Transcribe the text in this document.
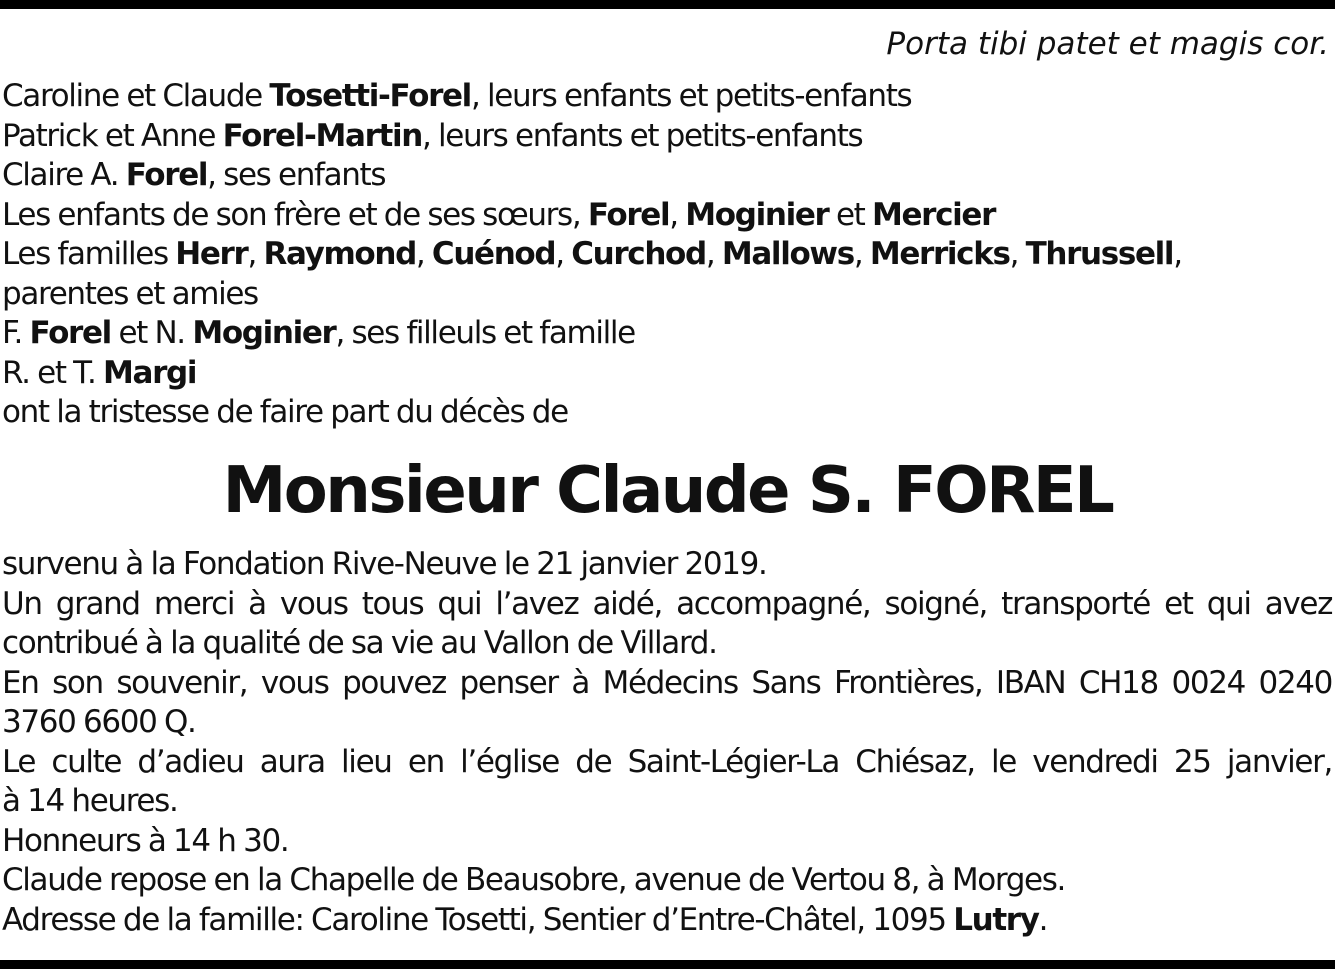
Porta tibi patet et magis cor.
Caroline et Claude Tosetti-Forel, leurs enfants et petits-enfants
Patrick et Anne Forel-Martin, leurs enfants et petits-enfants
Claire A. Forel, ses enfants
Les enfants de son frère et de ses sœurs, Forel, Moginier et Mercier
Les familles Herr, Raymond, Cuénod, Curchod, Mallows, Merricks, Thrussell,
parentes et amies
F. Forel et N. Moginier, ses filleuls et famille
R. et T. Margi
ont la tristesse de faire part du décès de
Monsieur Claude S. FOREL
survenu à la Fondation Rive-Neuve le 21 janvier 2019.
Un grand merci à vous tous qui l’avez aidé, accompagné, soigné, transporté et qui avez
contribué à la qualité de sa vie au Vallon de Villard.
En son souvenir, vous pouvez penser à Médecins Sans Frontières, IBAN CH18 0024 0240
3760 6600 Q.
Le culte d’adieu aura lieu en l’église de Saint-Légier-La Chiésaz, le vendredi 25 janvier,
à 14 heures.
Honneurs à 14 h 30.
Claude repose en la Chapelle de Beausobre, avenue de Vertou 8, à Morges.
Adresse de la famille: Caroline Tosetti, Sentier d’Entre-Châtel, 1095 Lutry.
